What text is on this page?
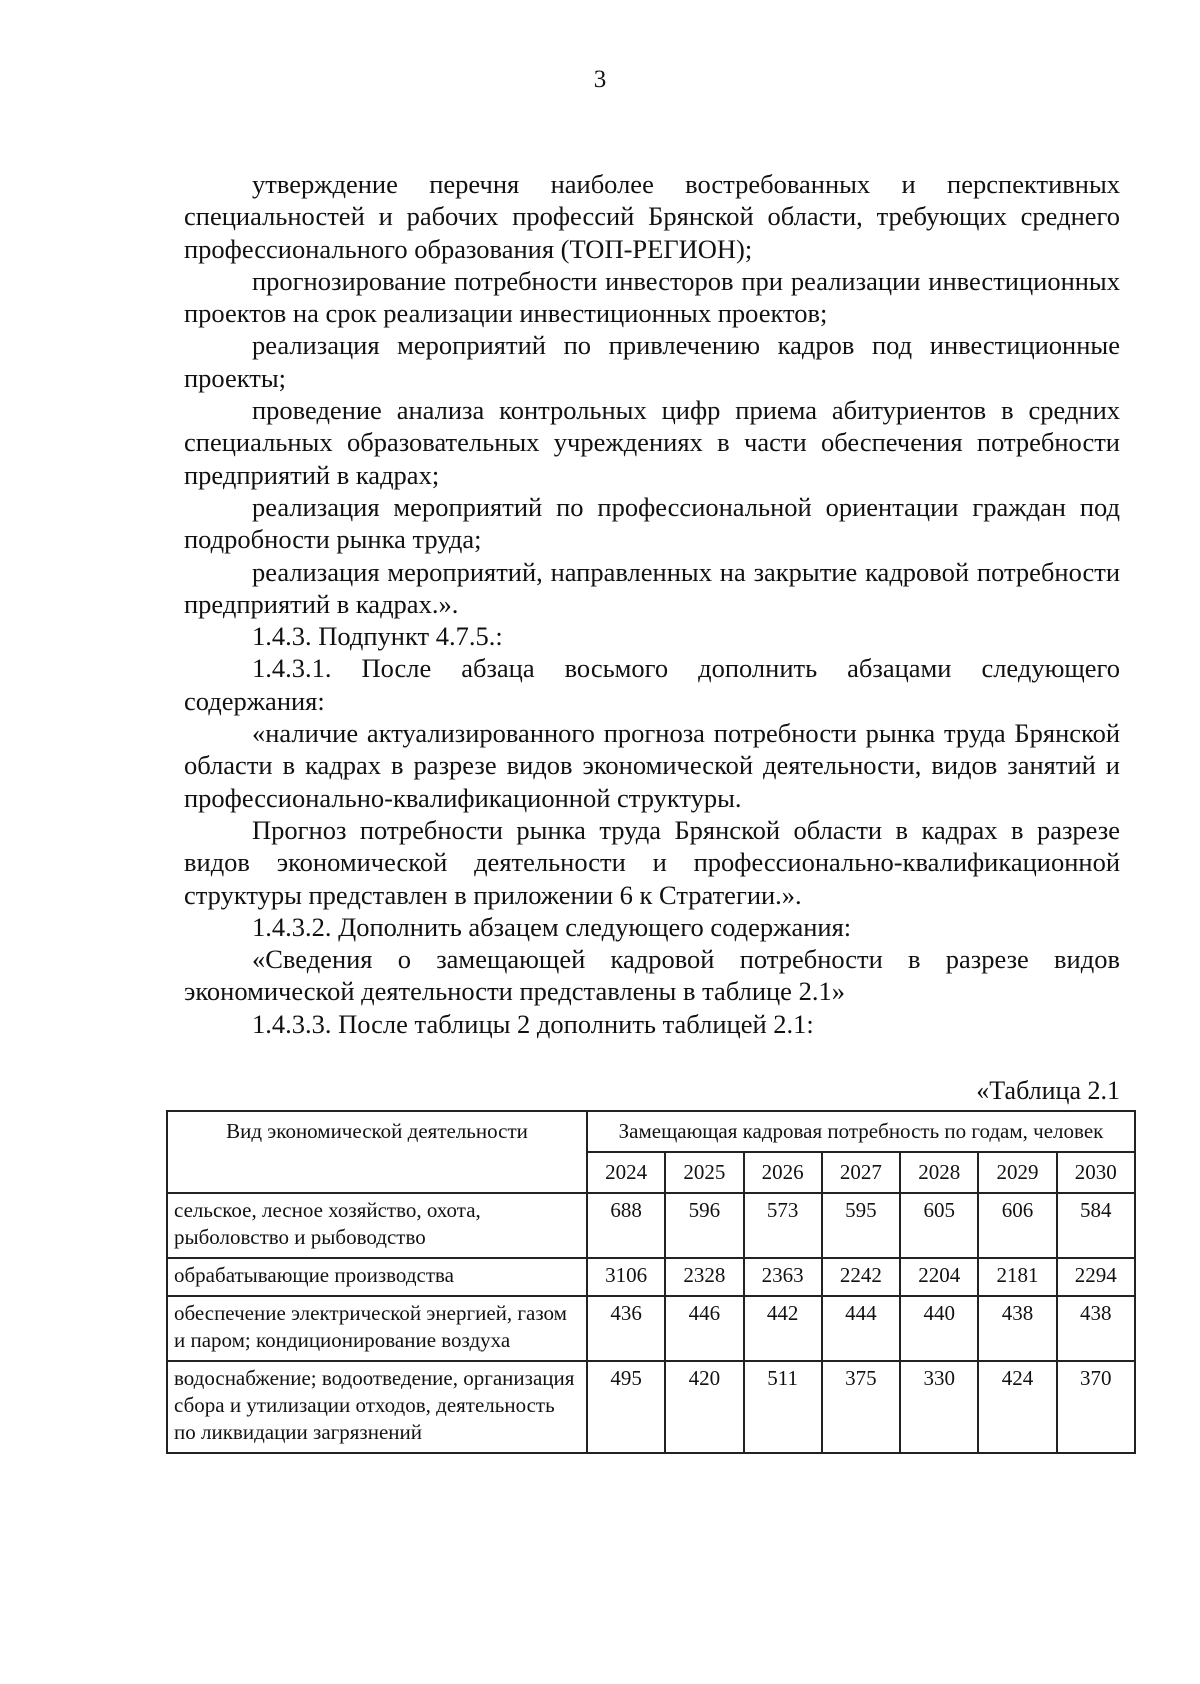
3

утверждение перечня наиболее востребованных и перспективных специальностей и рабочих профессий Брянской области, требующих среднего профессионального образования (ТОП-РЕГИОН);

прогнозирование потребности инвесторов при реализации инвестиционных проектов на срок реализации инвестиционных проектов;

реализация мероприятий по привлечению кадров под инвестиционные проекты;

проведение анализа контрольных цифр приема абитуриентов в средних специальных образовательных учреждениях в части обеспечения потребности предприятий в кадрах;

реализация мероприятий по профессиональной ориентации граждан под подробности рынка труда;

реализация мероприятий, направленных на закрытие кадровой потребности предприятий в кадрах.».

1.4.3. Подпункт 4.7.5.:

1.4.3.1. После абзаца восьмого дополнить абзацами следующего содержания:

«наличие актуализированного прогноза потребности рынка труда Брянской области в кадрах в разрезе видов экономической деятельности, видов занятий и профессионально-квалификационной структуры.

Прогноз потребности рынка труда Брянской области в кадрах в разрезе видов экономической деятельности и профессионально-квалификационной структуры представлен в приложении 6 к Стратегии.».

1.4.3.2. Дополнить абзацем следующего содержания:

«Сведения о замещающей кадровой потребности в разрезе видов экономической деятельности представлены в таблице 2.1»

1.4.3.3. После таблицы 2 дополнить таблицей 2.1:

«Таблица 2.1
Вид экономической деятельности	Замещающая кадровая потребность по годам, человек						
	2024	2025	2026	2027	2028	2029	2030
сельское, лесное хозяйство, охота, рыболовство и рыбоводство	688	596	573	595	605	606	584
обрабатывающие производства	3106	2328	2363	2242	2204	2181	2294
обеспечение электрической энергией, газом и паром; кондиционирование воздуха	436	446	442	444	440	438	438
водоснабжение; водоотведение, организация сбора и утилизации отходов, деятельность по ликвидации загрязнений	495	420	511	375	330	424	370
